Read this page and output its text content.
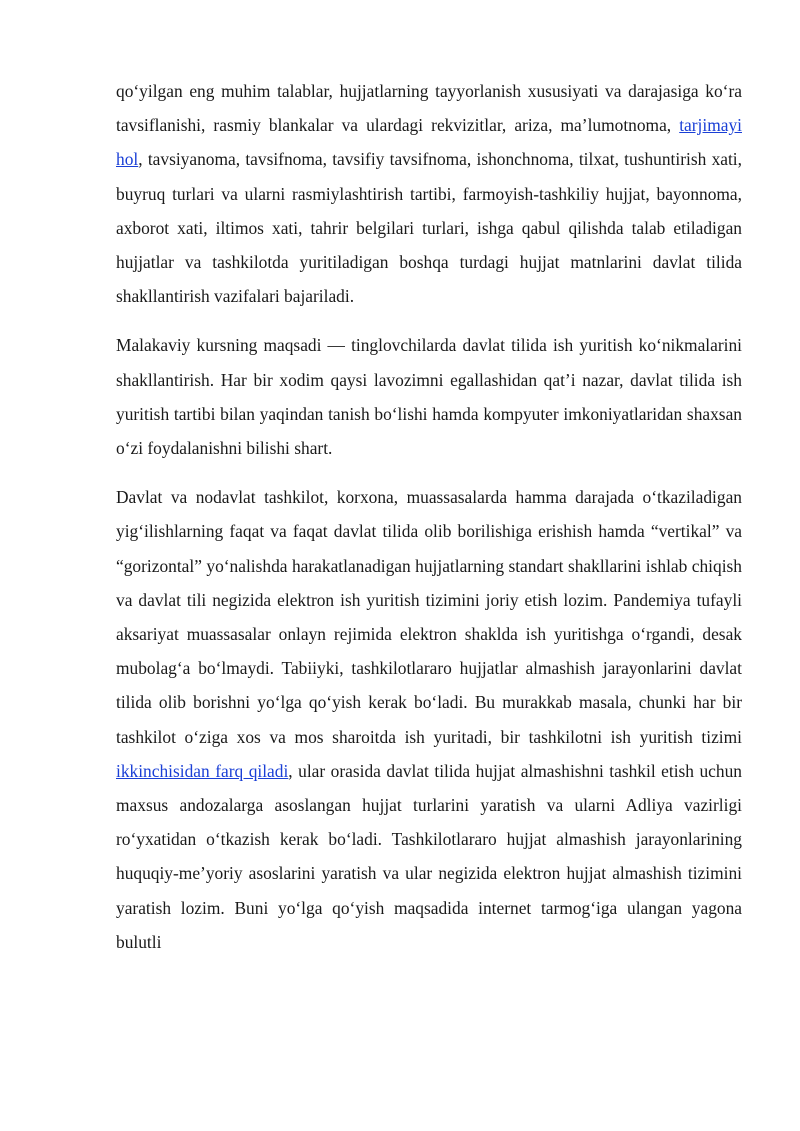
qo‘yilgan eng muhim talablar, hujjatlarning tayyorlanish xususiyati va darajasiga ko‘ra tavsiflanishi, rasmiy blankalar va ulardagi rekvizitlar, ariza, ma’lumotnoma, tarjimayi hol, tavsiyanoma, tavsifnoma, tavsifiy tavsifnoma, ishonchnoma, tilxat, tushuntirish xati, buyruq turlari va ularni rasmiylashtirish tartibi, farmoyish-tashkiliy hujjat, bayonnoma, axborot xati, iltimos xati, tahrir belgilari turlari, ishga qabul qilishda talab etiladigan hujjatlar va tashkilotda yuritiladigan boshqa turdagi hujjat matnlarini davlat tilida shakllantirish vazifalari bajariladi.

Malakaviy kursning maqsadi — tinglovchilarda davlat tilida ish yuritish ko‘nikmalarini shakllantirish. Har bir xodim qaysi lavozimni egallashidan qat’i nazar, davlat tilida ish yuritish tartibi bilan yaqindan tanish bo‘lishi hamda kompyuter imkoniyatlaridan shaxsan o‘zi foydalanishni bilishi shart.

Davlat va nodavlat tashkilot, korxona, muassasalarda hamma darajada o‘tkaziladigan yig‘ilishlarning faqat va faqat davlat tilida olib borilishiga erishish hamda “vertikal” va “gorizontal” yo‘nalishda harakatlanadigan hujjatlarning standart shakllarini ishlab chiqish va davlat tili negizida elektron ish yuritish tizimini joriy etish lozim. Pandemiya tufayli aksariyat muassasalar onlayn rejimida elektron shaklda ish yuritishga o‘rgandi, desak mubolag‘a bo‘lmaydi. Tabiiyki, tashkilotlararo hujjatlar almashish jarayonlarini davlat tilida olib borishni yo‘lga qo‘yish kerak bo‘ladi. Bu murakkab masala, chunki har bir tashkilot o‘ziga xos va mos sharoitda ish yuritadi, bir tashkilotni ish yuritish tizimi ikkinchisidan farq qiladi, ular orasida davlat tilida hujjat almashishni tashkil etish uchun maxsus andozalarga asoslangan hujjat turlarini yaratish va ularni Adliya vazirligi ro‘yxatidan o‘tkazish kerak bo‘ladi. Tashkilotlararo hujjat almashish jarayonlarining huquqiy-me’yoriy asoslarini yaratish va ular negizida elektron hujjat almashish tizimini yaratish lozim. Buni yo‘lga qo‘yish maqsadida internet tarmog‘iga ulangan yagona bulutli
